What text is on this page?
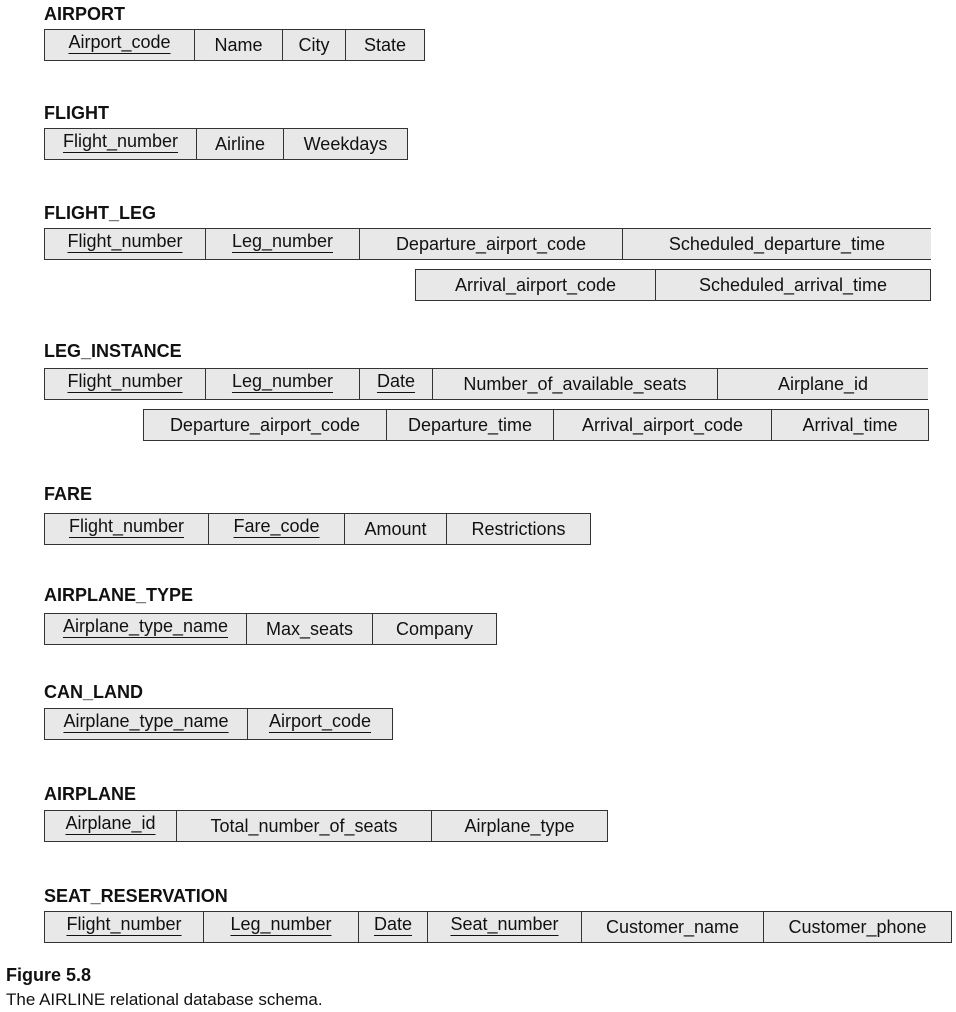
AIRPORT
Airport_code Name City State
FLIGHT
Flight_number Airline Weekdays
FLIGHT_LEG
Flight_number	Leg_number	Departure_airport_code	Scheduled_departure_time
Arrival_airport_code	Scheduled_arrival_time
LEG_INSTANCE
Flight_number	Leg_number Date	Number_of_available_seats	Airplane_id
Departure_airport_code	Departure_time	Arrival_airport_code	Arrival_time
FARE
Flight_number	Fare_code Amount Restrictions
AIRPLANE_TYPE
Airplane_type_name Max_seats Company
CAN_LAND
Airplane_type_name Airport_code
AIRPLANE
Airplane_id	Total_number_of_seats	Airplane_type
SEAT_RESERVATION
Flight_number	Leg_number Date Seat_number	Customer_name	Customer_phone
Figure 5.8
The AIRLINE relational database schema.
